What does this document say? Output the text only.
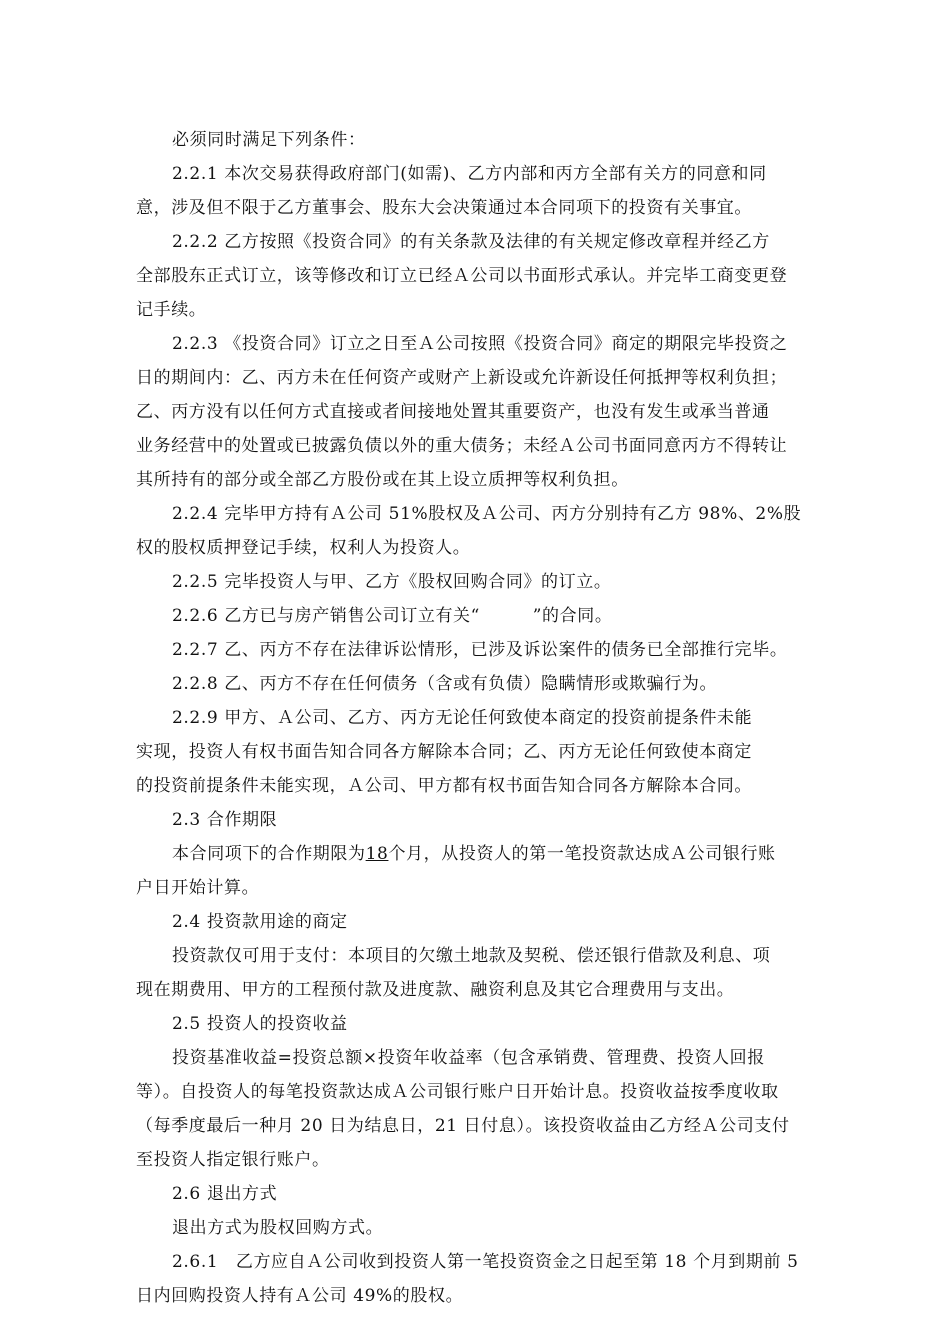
必须同时满足下列条件：
2.2.1 本次交易获得政府部门(如需)、乙方内部和丙方全部有关方的同意和同
意，涉及但不限于乙方董事会、股东大会决策通过本合同项下的投资有关事宜。
2.2.2 乙方按照《投资合同》的有关条款及法律的有关规定修改章程并经乙方
全部股东正式订立，该等修改和订立已经Ａ公司以书面形式承认。并完毕工商变更登
记手续。
2.2.3 《投资合同》订立之日至Ａ公司按照《投资合同》商定的期限完毕投资之
日的期间内：乙、丙方未在任何资产或财产上新设或允许新设任何抵押等权利负担；
乙、丙方没有以任何方式直接或者间接地处置其重要资产，也没有发生或承当普通
业务经营中的处置或已披露负债以外的重大债务；未经Ａ公司书面同意丙方不得转让
其所持有的部分或全部乙方股份或在其上设立质押等权利负担。
2.2.4 完毕甲方持有Ａ公司 51%股权及Ａ公司、丙方分别持有乙方 98%、2%股
权的股权质押登记手续，权利人为投资人。
2.2.5 完毕投资人与甲、乙方《股权回购合同》的订立。
2.2.6 乙方已与房产销售公司订立有关“　　　”的合同。
2.2.7 乙、丙方不存在法律诉讼情形，已涉及诉讼案件的债务已全部推行完毕。
2.2.8 乙、丙方不存在任何债务（含或有负债）隐瞒情形或欺骗行为。
2.2.9 甲方、Ａ公司、乙方、丙方无论任何致使本商定的投资前提条件未能
实现，投资人有权书面告知合同各方解除本合同；乙、丙方无论任何致使本商定
的投资前提条件未能实现，Ａ公司、甲方都有权书面告知合同各方解除本合同。
2.3 合作期限
本合同项下的合作期限为18个月，从投资人的第一笔投资款达成Ａ公司银行账
户日开始计算。
2.4 投资款用途的商定
投资款仅可用于支付：本项目的欠缴土地款及契税、偿还银行借款及利息、项
现在期费用、甲方的工程预付款及进度款、融资利息及其它合理费用与支出。
2.5 投资人的投资收益
投资基准收益=投资总额×投资年收益率（包含承销费、管理费、投资人回报
等）。自投资人的每笔投资款达成Ａ公司银行账户日开始计息。投资收益按季度收取
（每季度最后一种月 20 日为结息日，21 日付息）。该投资收益由乙方经Ａ公司支付
至投资人指定银行账户。
2.6 退出方式
退出方式为股权回购方式。
2.6.1　乙方应自Ａ公司收到投资人第一笔投资资金之日起至第 18 个月到期前 5
日内回购投资人持有Ａ公司 49%的股权。
